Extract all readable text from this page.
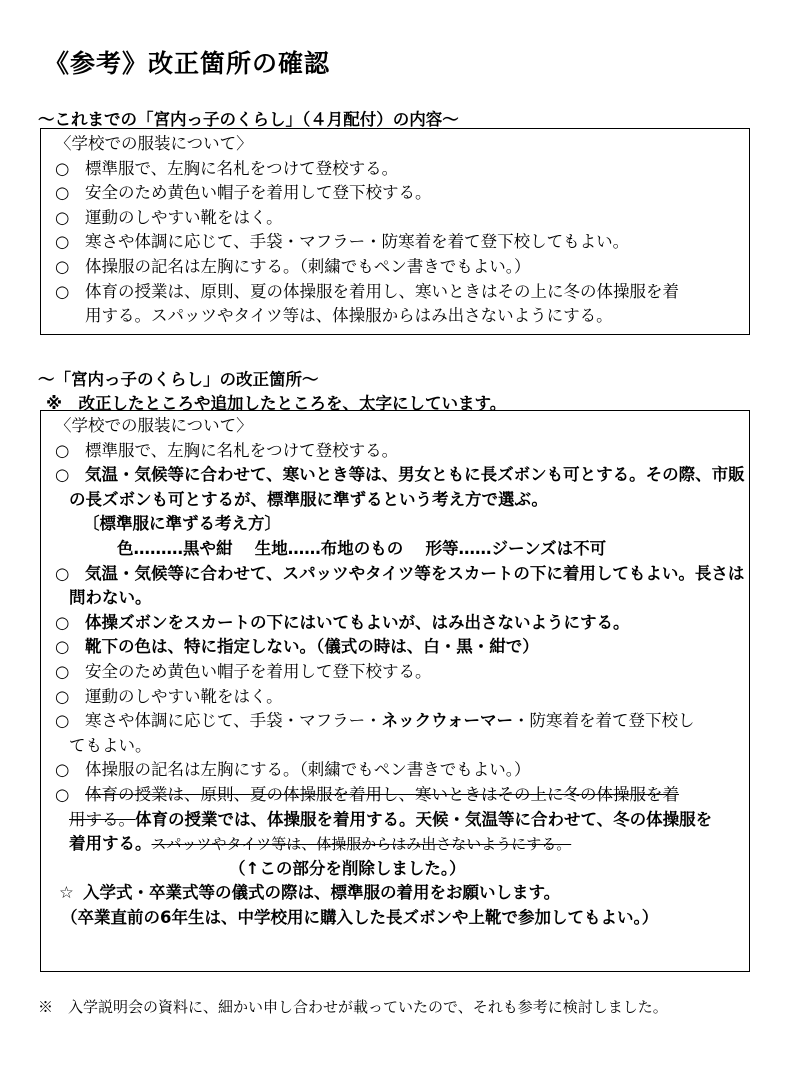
《参考》改正箇所の確認
～これまでの「宮内っ子のくらし」（４月配付）の内容～
〈学校での服装について〉
○ 標準服で、左胸に名札をつけて登校する。
○ 安全のため黄色い帽子を着用して登下校する。
○ 運動のしやすい靴をはく。
○ 寒さや体調に応じて、手袋・マフラー・防寒着を着て登下校してもよい。
○ 体操服の記名は左胸にする。（刺繍でもペン書きでもよい。）
○ 体育の授業は、原則、夏の体操服を着用し、寒いときはその上に冬の体操服を着
用する。スパッツやタイツ等は、体操服からはみ出さないようにする。
～「宮内っ子のくらし」の改正箇所～
※　改正したところや追加したところを、太字にしています。
〈学校での服装について〉
○ 標準服で、左胸に名札をつけて登校する。
○ 気温・気候等に合わせて、寒いとき等は、男女ともに長ズボンも可とする。その際、市販
の長ズボンも可とするが、標準服に準ずるという考え方で選ぶ。
〔標準服に準ずる考え方〕
色………黒や紺　 生地……布地のもの　 形等……ジーンズは不可
○ 気温・気候等に合わせて、スパッツやタイツ等をスカートの下に着用してもよい。長さは
問わない。
○ 体操ズボンをスカートの下にはいてもよいが、はみ出さないようにする。
○ 靴下の色は、特に指定しない。（儀式の時は、白・黒・紺で）
○ 安全のため黄色い帽子を着用して登下校する。
○ 運動のしやすい靴をはく。
○ 寒さや体調に応じて、手袋・マフラー・ネックウォーマー・防寒着を着て登下校し
てもよい。
○ 体操服の記名は左胸にする。（刺繍でもペン書きでもよい。）
○ 体育の授業は、原則、夏の体操服を着用し、寒いときはその上に冬の体操服を着
用する。体育の授業では、体操服を着用する。天候・気温等に合わせて、冬の体操服を
着用する。スパッツやタイツ等は、体操服からはみ出さないようにする。
（↑この部分を削除しました。）
☆ 入学式・卒業式等の儀式の際は、標準服の着用をお願いします。
（卒業直前の6年生は、中学校用に購入した長ズボンや上靴で参加してもよい。）
※　入学説明会の資料に、細かい申し合わせが載っていたので、それも参考に検討しました。
